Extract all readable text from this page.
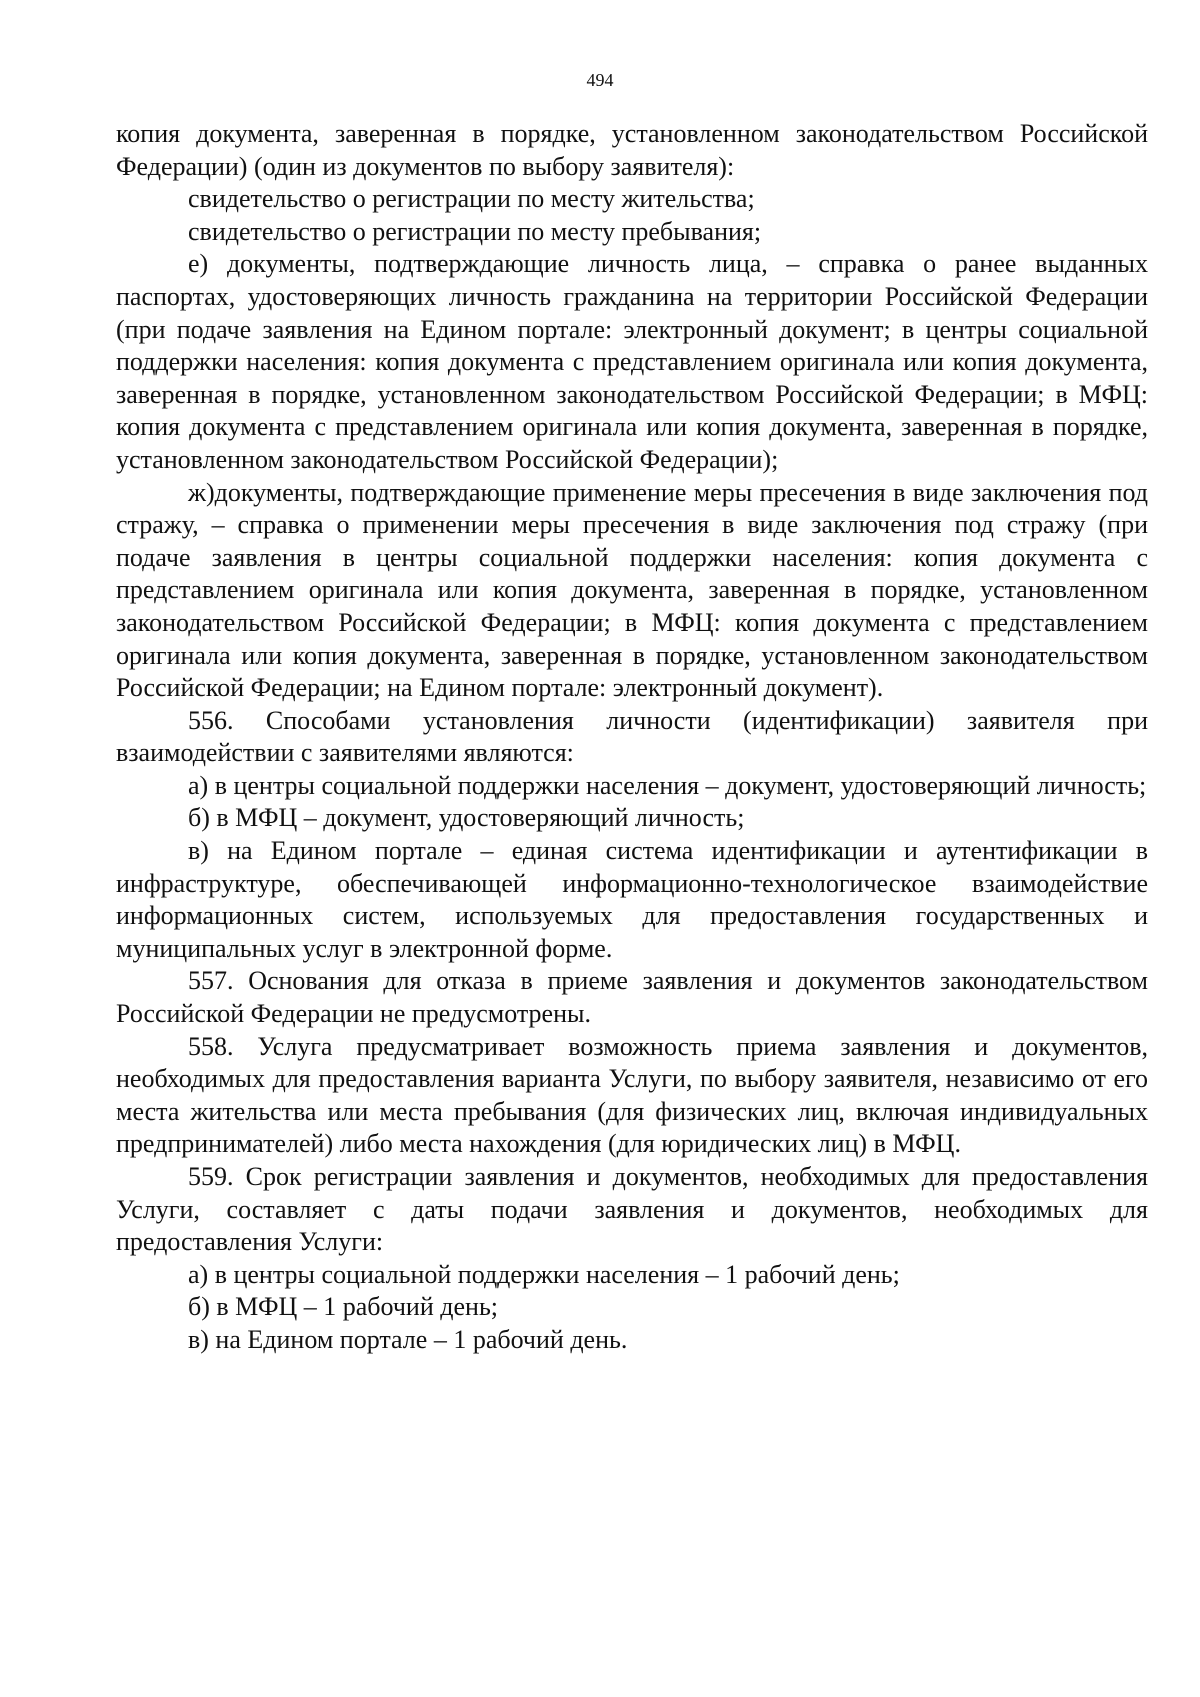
494

копия документа, заверенная в порядке, установленном законодательством Российской Федерации) (один из документов по выбору заявителя):

свидетельство о регистрации по месту жительства;

свидетельство о регистрации по месту пребывания;

е) документы, подтверждающие личность лица, – справка о ранее выданных паспортах, удостоверяющих личность гражданина на территории Российской Федерации (при подаче заявления на Едином портале: электронный документ; в центры социальной поддержки населения: копия документа с представлением оригинала или копия документа, заверенная в порядке, установленном законодательством Российской Федерации; в МФЦ: копия документа с представлением оригинала или копия документа, заверенная в порядке, установленном законодательством Российской Федерации);

ж)документы, подтверждающие применение меры пресечения в виде заключения под стражу, – справка о применении меры пресечения в виде заключения под стражу (при подаче заявления в центры социальной поддержки населения: копия документа с представлением оригинала или копия документа, заверенная в порядке, установленном законодательством Российской Федерации; в МФЦ: копия документа с представлением оригинала или копия документа, заверенная в порядке, установленном законодательством Российской Федерации; на Едином портале: электронный документ).

556. Способами установления личности (идентификации) заявителя при взаимодействии с заявителями являются:

а) в центры социальной поддержки населения – документ, удостоверяющий личность;

б) в МФЦ – документ, удостоверяющий личность;

в) на Едином портале – единая система идентификации и аутентификации в инфраструктуре, обеспечивающей информационно-технологическое взаимодействие информационных систем, используемых для предоставления государственных и муниципальных услуг в электронной форме.

557. Основания для отказа в приеме заявления и документов законодательством Российской Федерации не предусмотрены.

558. Услуга предусматривает возможность приема заявления и документов, необходимых для предоставления варианта Услуги, по выбору заявителя, независимо от его места жительства или места пребывания (для физических лиц, включая индивидуальных предпринимателей) либо места нахождения (для юридических лиц) в МФЦ.

559. Срок регистрации заявления и документов, необходимых для предоставления Услуги, составляет с даты подачи заявления и документов, необходимых для предоставления Услуги:

а) в центры социальной поддержки населения – 1 рабочий день;

б) в МФЦ – 1 рабочий день;

в) на Едином портале – 1 рабочий день.
